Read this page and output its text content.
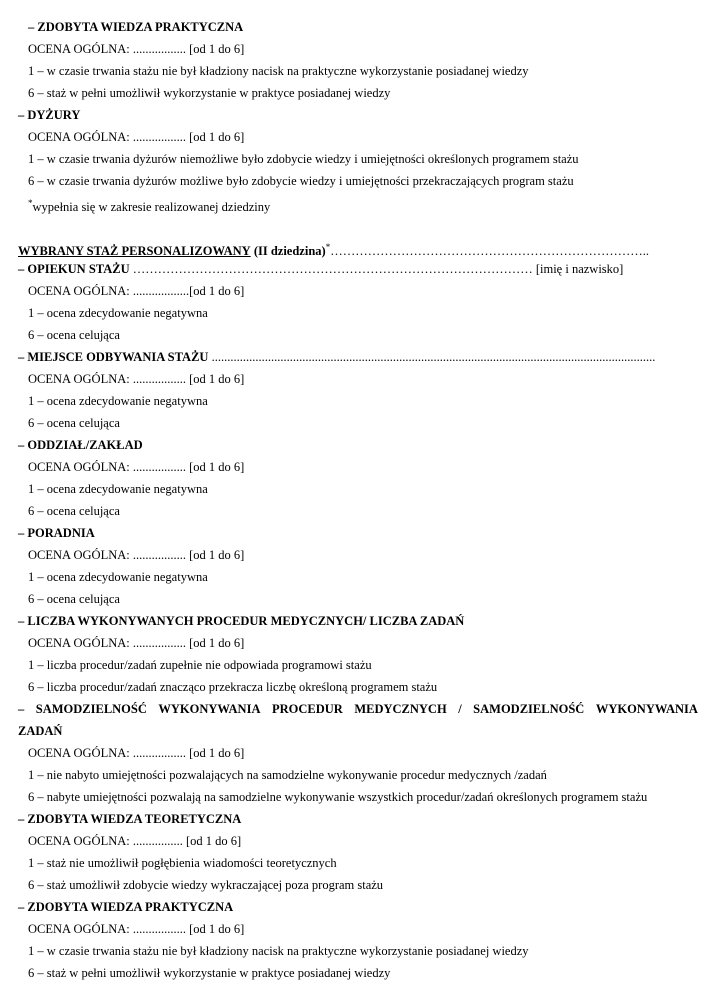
– ZDOBYTA WIEDZA PRAKTYCZNA
OCENA OGÓLNA: ................. [od 1 do 6]
1 – w czasie trwania stażu nie był kładziony nacisk na praktyczne wykorzystanie posiadanej wiedzy
6 – staż w pełni umożliwił wykorzystanie w praktyce posiadanej wiedzy
– DYŻURY
OCENA OGÓLNA: ................. [od 1 do 6]
1 – w czasie trwania dyżurów niemożliwe było zdobycie wiedzy i umiejętności określonych programem stażu
6 – w czasie trwania dyżurów możliwe było zdobycie wiedzy i umiejętności przekraczających program stażu
*wypełnia się w zakresie realizowanej dziedziny
WYBRANY STAŻ PERSONALIZOWANY (II dziedzina)*…………………………………………………………………..
– OPIEKUN STAŻU …………………………………………………………………………………… [imię i nazwisko]
OCENA OGÓLNA: ..................[od 1 do 6]
1 – ocena zdecydowanie negatywna
6 – ocena celująca
– MIEJSCE ODBYWANIA STAŻU ..............................................................................................................................................
OCENA OGÓLNA: ................. [od 1 do 6]
1 – ocena zdecydowanie negatywna
6 – ocena celująca
– ODDZIAŁ/ZAKŁAD
OCENA OGÓLNA: ................. [od 1 do 6]
1 – ocena zdecydowanie negatywna
6 – ocena celująca
– PORADNIA
OCENA OGÓLNA: ................. [od 1 do 6]
1 – ocena zdecydowanie negatywna
6 – ocena celująca
– LICZBA WYKONYWANYCH PROCEDUR MEDYCZNYCH/ LICZBA ZADAŃ
OCENA OGÓLNA: ................. [od 1 do 6]
1 – liczba procedur/zadań zupełnie nie odpowiada programowi stażu
6 – liczba procedur/zadań znacząco przekracza liczbę określoną programem stażu
– SAMODZIELNOŚĆ WYKONYWANIA PROCEDUR MEDYCZNYCH / SAMODZIELNOŚĆ WYKONYWANIA
ZADAŃ
OCENA OGÓLNA: ................. [od 1 do 6]
1 – nie nabyto umiejętności pozwalających na samodzielne wykonywanie procedur medycznych /zadań
6 – nabyte umiejętności pozwalają na samodzielne wykonywanie wszystkich procedur/zadań określonych programem stażu
– ZDOBYTA WIEDZA TEORETYCZNA
OCENA OGÓLNA: ................ [od 1 do 6]
1 – staż nie umożliwił pogłębienia wiadomości teoretycznych
6 – staż umożliwił zdobycie wiedzy wykraczającej poza program stażu
– ZDOBYTA WIEDZA PRAKTYCZNA
OCENA OGÓLNA: ................. [od 1 do 6]
1 – w czasie trwania stażu nie był kładziony nacisk na praktyczne wykorzystanie posiadanej wiedzy
6 – staż w pełni umożliwił wykorzystanie w praktyce posiadanej wiedzy
